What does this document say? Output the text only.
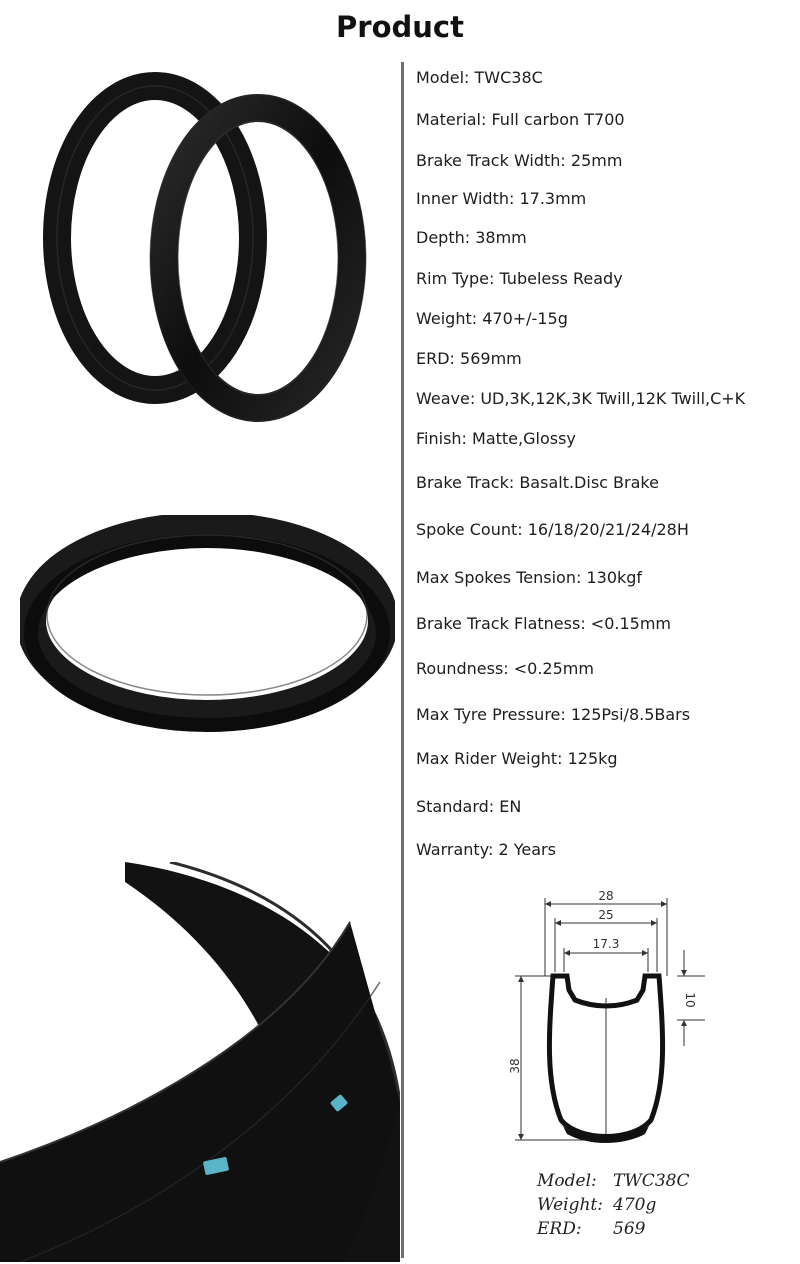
Product
Model: TWC38C
Material: Full carbon T700
Brake Track Width: 25mm
Inner Width: 17.3mm
Depth: 38mm
Rim Type: Tubeless Ready
Weight: 470+/-15g
ERD: 569mm
Weave: UD,3K,12K,3K Twill,12K Twill,C+K
Finish: Matte,Glossy
Brake Track: Basalt.Disc Brake
Spoke Count: 16/18/20/21/24/28H
Max Spokes Tension: 130kgf
Brake Track Flatness: <0.15mm
Roundness: <0.25mm
Max Tyre Pressure: 125Psi/8.5Bars
Max Rider Weight: 125kg
Standard: EN
Warranty: 2 Years
28
25
17.3
38
10
Model: TWC38C
Weight: 470g
ERD: 569
